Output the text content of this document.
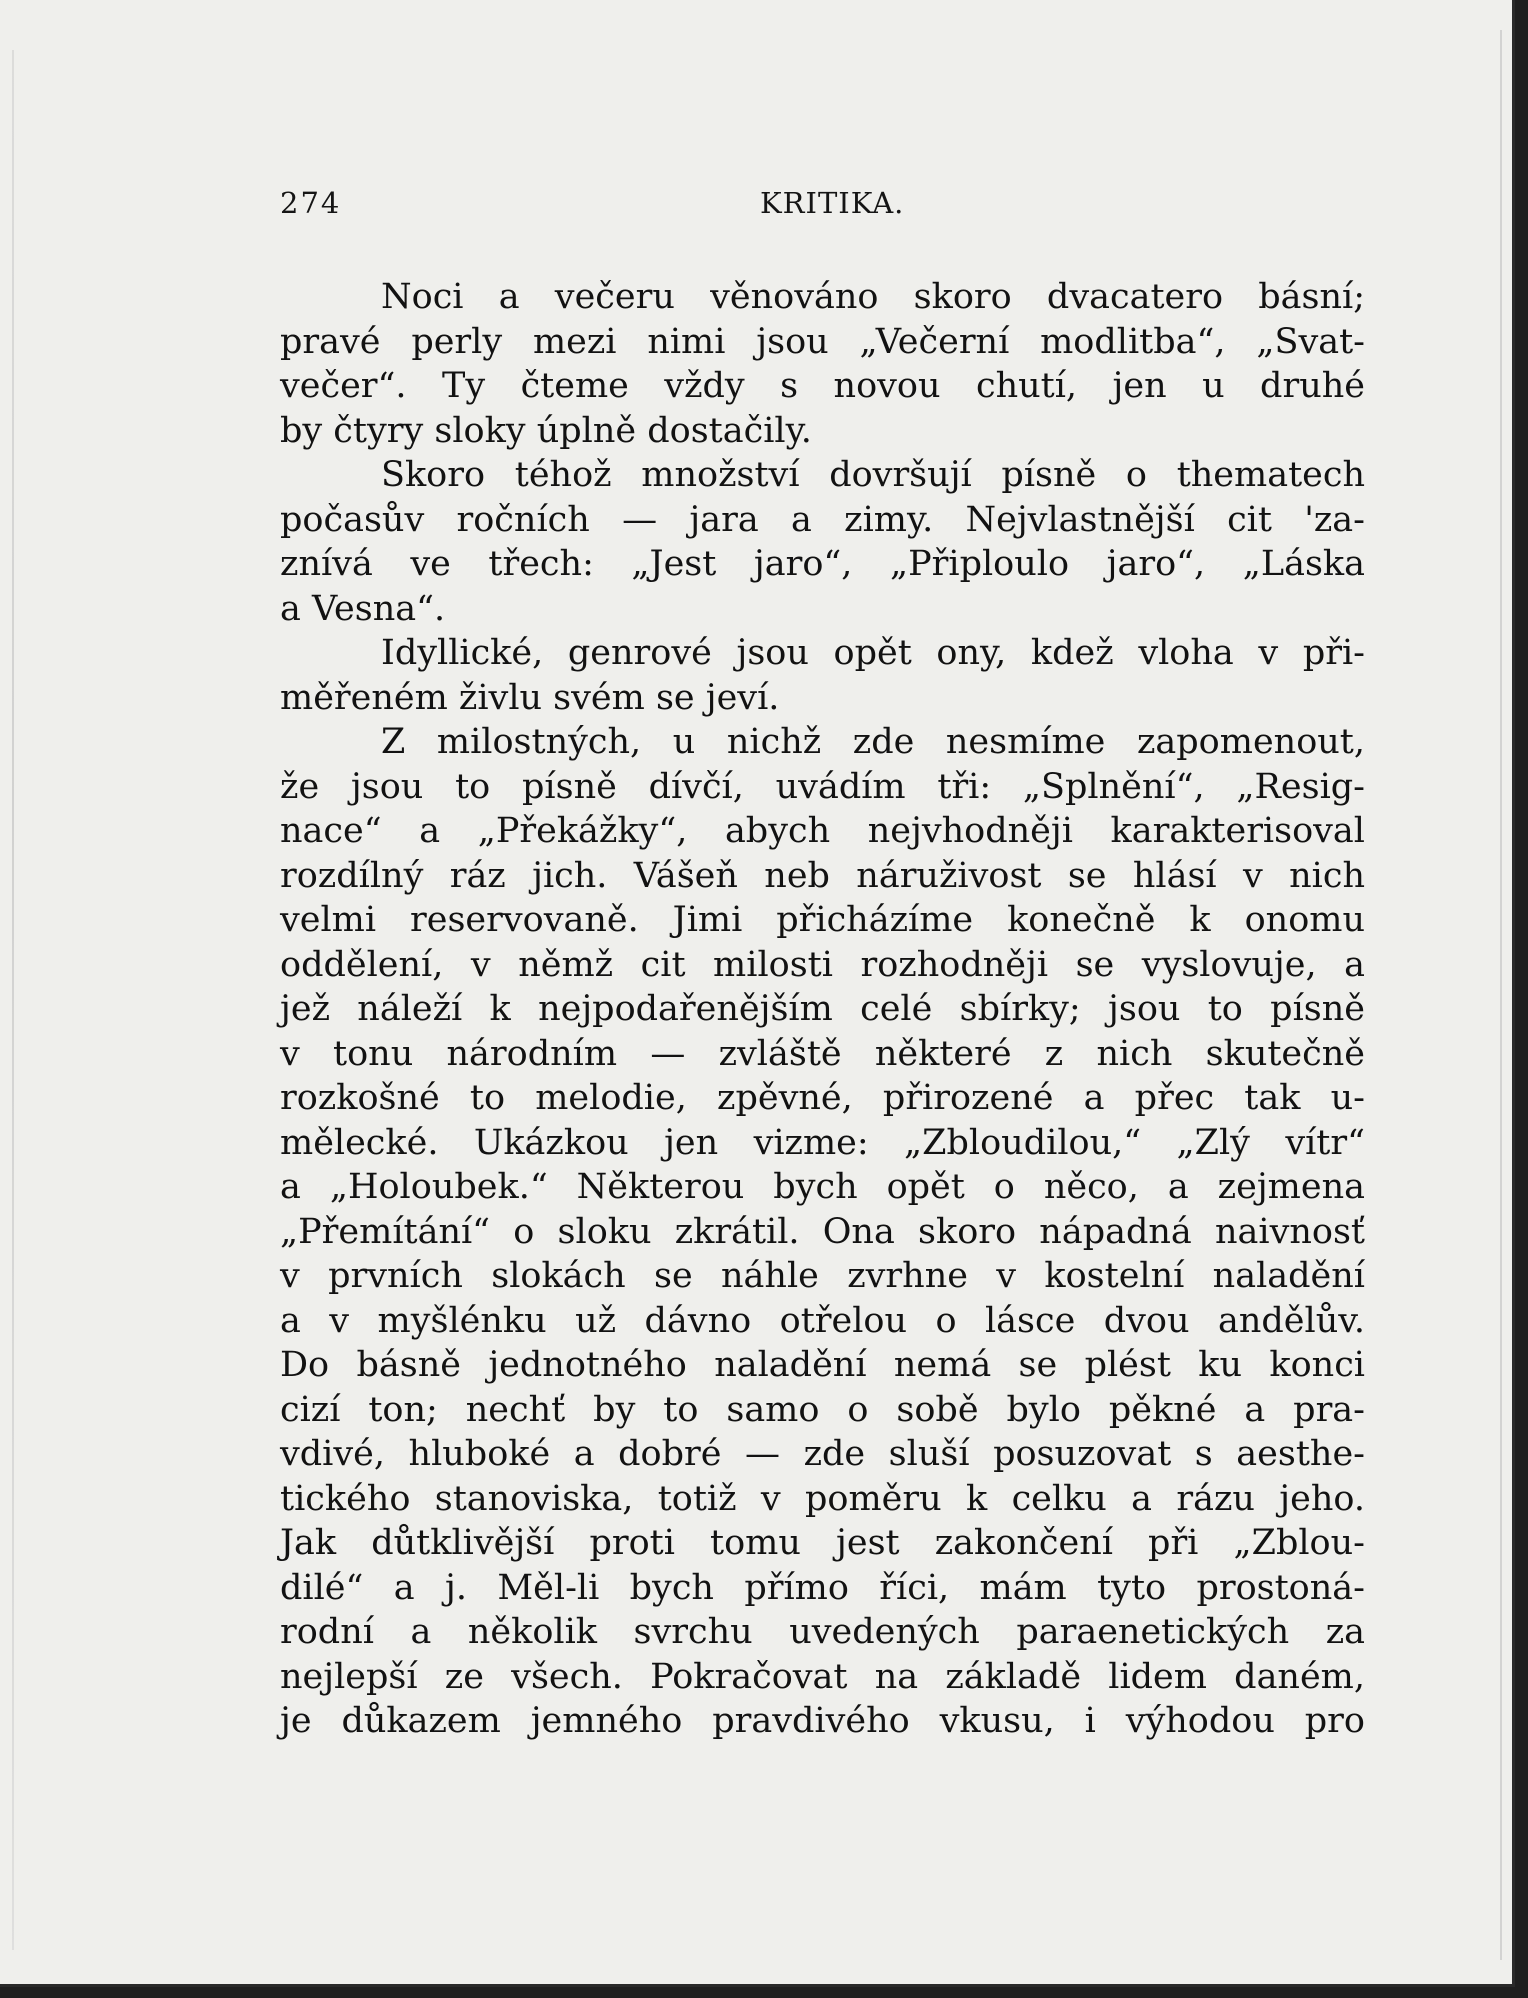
274	KRITIKA.
Noci a večeru věnováno skoro dvacatero básní;
pravé perly mezi nimi jsou „Večerní modlitba“, „Svat-
večer“. Ty čteme vždy s novou chutí, jen u druhé
by čtyry sloky úplně dostačily.
Skoro téhož množství dovršují písně o thematech
počasův ročních — jara a zimy. Nejvlastnější cit 'za-
znívá ve třech: „Jest jaro“, „Připloulo jaro“, „Láska
a Vesna“.
Idyllické, genrové jsou opět ony, kdež vloha v při-
měřeném živlu svém se jeví.
Z milostných, u nichž zde nesmíme zapomenout,
že jsou to písně dívčí, uvádím tři: „Splnění“, „Resig-
nace“ a „Překážky“, abych nejvhodněji karakterisoval
rozdílný ráz jich. Vášeň neb náruživost se hlásí v nich
velmi reservovaně. Jimi přicházíme konečně k onomu
oddělení, v němž cit milosti rozhodněji se vyslovuje, a
jež náleží k nejpodařenějším celé sbírky; jsou to písně
v tonu národním — zvláště některé z nich skutečně
rozkošné to melodie, zpěvné, přirozené a přec tak u-
mělecké. Ukázkou jen vizme: „Zbloudilou,“ „Zlý vítr“
a „Holoubek.“ Některou bych opět o něco, a zejmena
„Přemítání“ o sloku zkrátil. Ona skoro nápadná naivnosť
v prvních slokách se náhle zvrhne v kostelní naladění
a v myšlénku už dávno otřelou o lásce dvou andělův.
Do básně jednotného naladění nemá se plést ku konci
cizí ton; nechť by to samo o sobě bylo pěkné a pra-
vdivé, hluboké a dobré — zde sluší posuzovat s aesthe-
tického stanoviska, totiž v poměru k celku a rázu jeho.
Jak důtklivější proti tomu jest zakončení při „Zblou-
dilé“ a j. Měl-li bych přímo říci, mám tyto prostoná-
rodní a několik svrchu uvedených paraenetických za
nejlepší ze všech. Pokračovat na základě lidem daném,
je důkazem jemného pravdivého vkusu, i výhodou pro
